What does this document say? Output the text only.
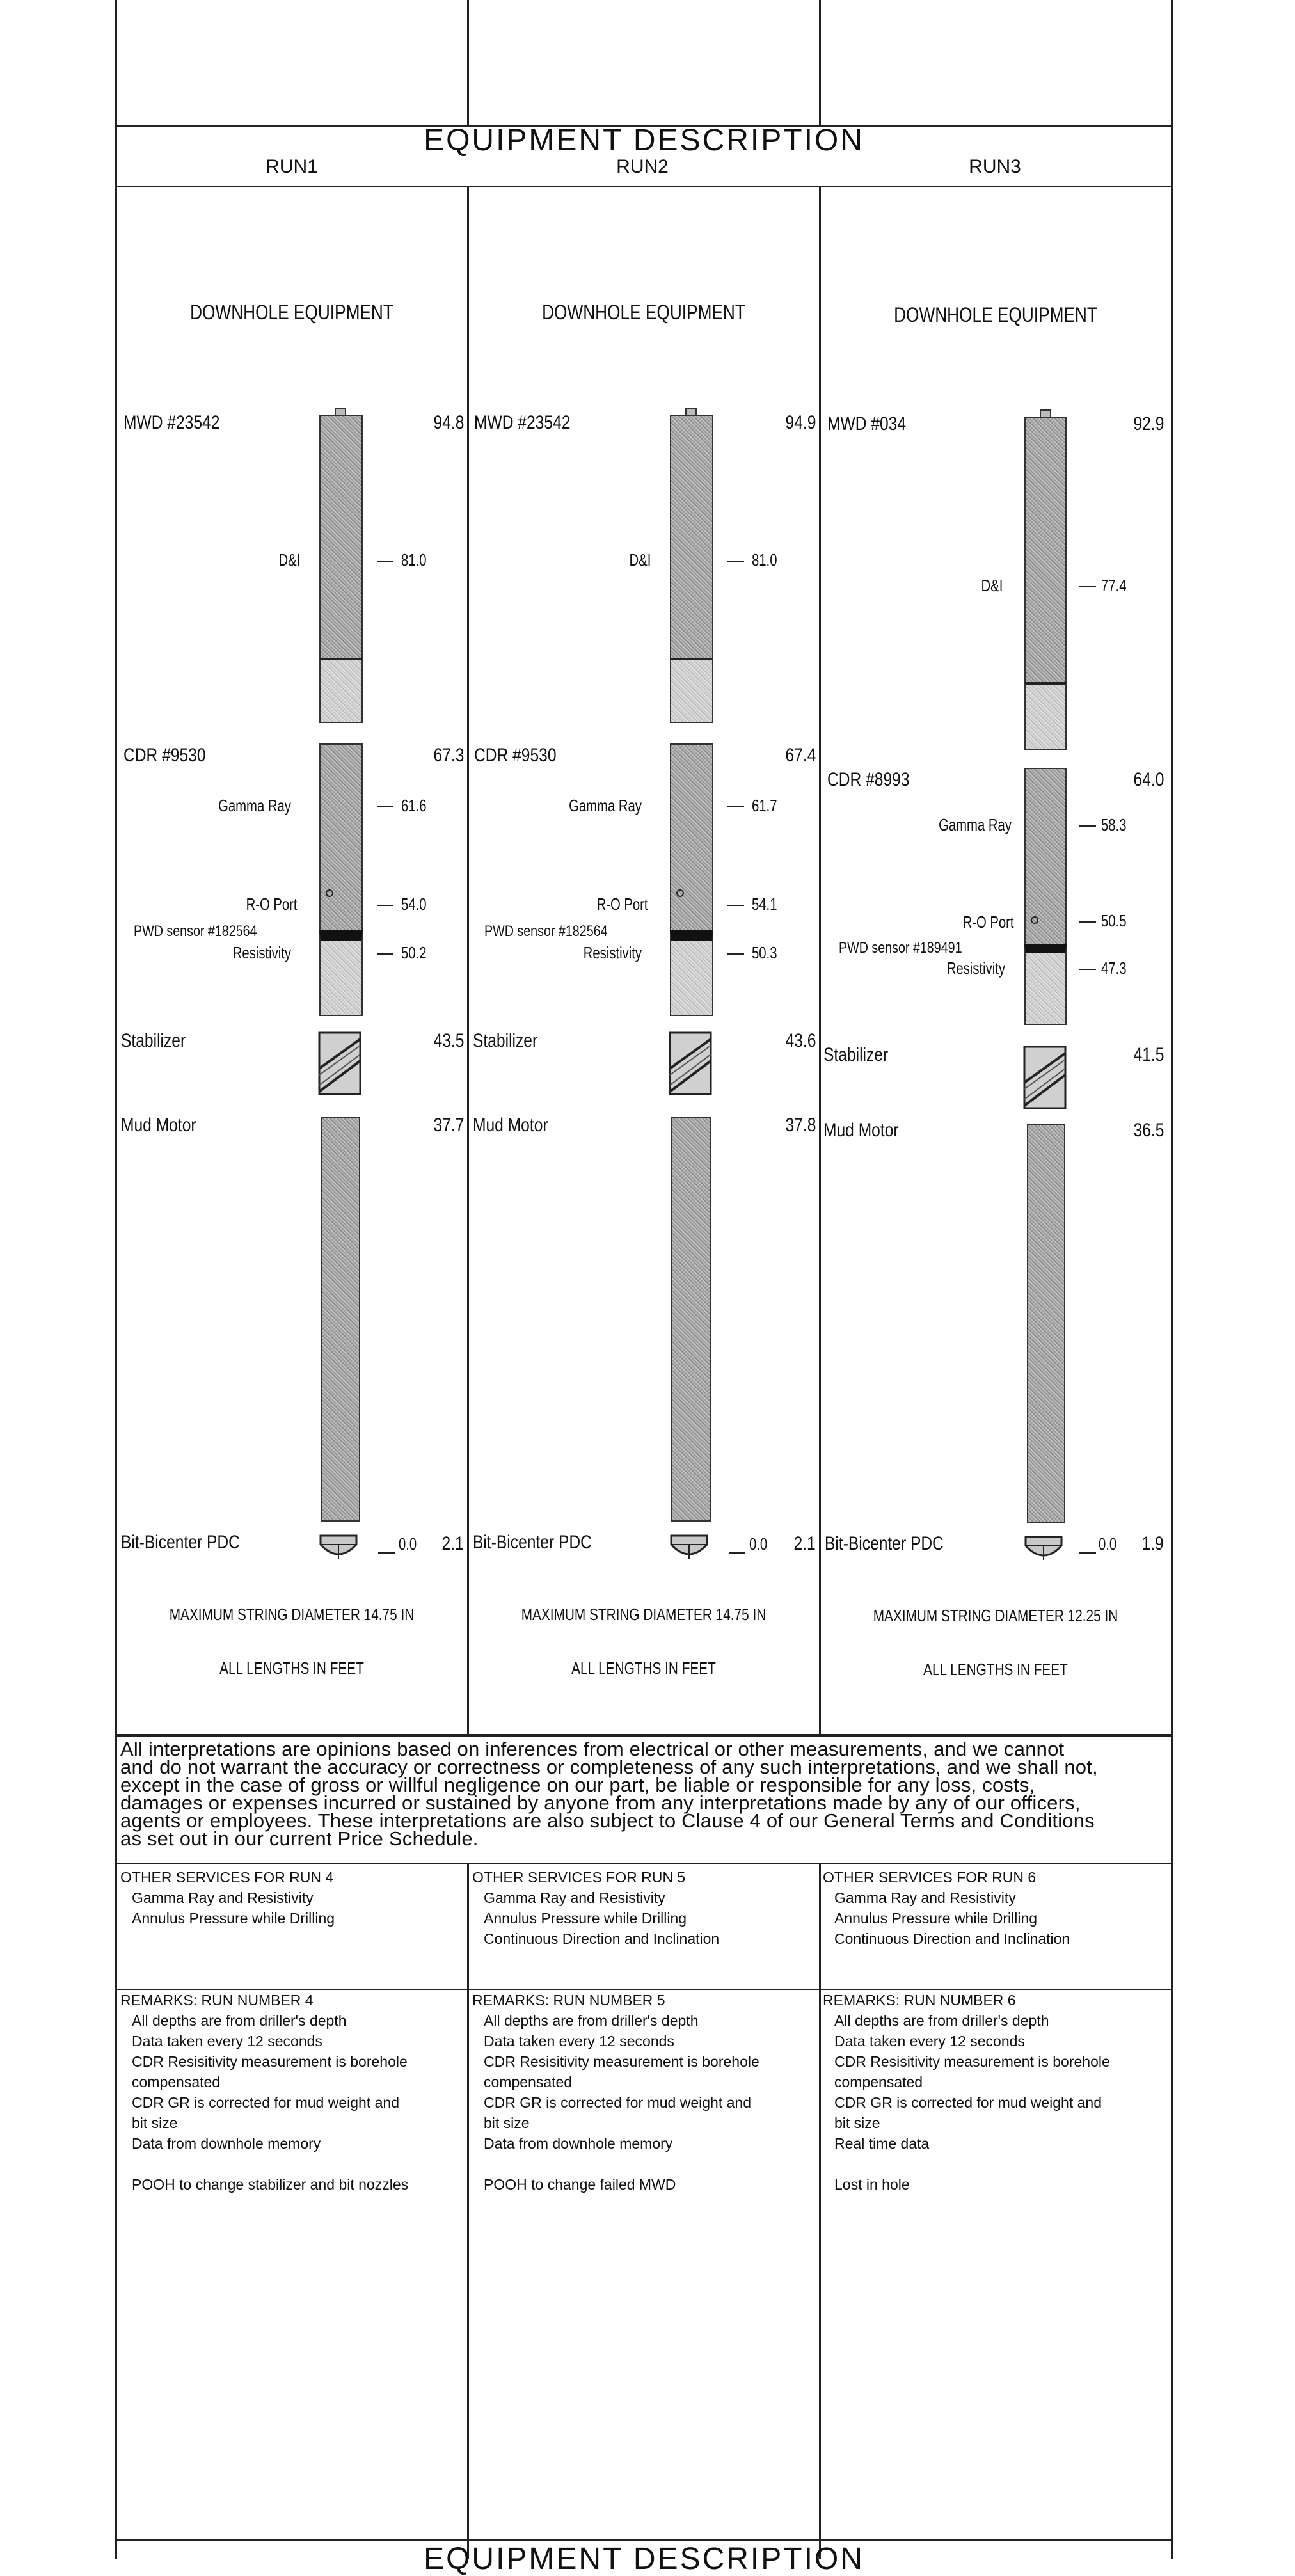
EQUIPMENT DESCRIPTION
RUN1	RUN2	RUN3
DOWNHOLE EQUIPMENT
MWD #23542	94.8
D&I	81.0
CDR #9530	67.3
Gamma Ray	61.6
R-O Port	54.0
PWD sensor #182564
Resistivity	50.2
Stabilizer	43.5
Mud Motor	37.7
Bit-Bicenter PDC	0.0 2.1
MAXIMUM STRING DIAMETER 14.75 IN
ALL LENGTHS IN FEET
DOWNHOLE EQUIPMENT
MWD #23542	94.9
D&I	81.0
CDR #9530	67.4
Gamma Ray	61.7
R-O Port	54.1
PWD sensor #182564
Resistivity	50.3
Stabilizer	43.6
Mud Motor	37.8
Bit-Bicenter PDC	0.0 2.1
MAXIMUM STRING DIAMETER 14.75 IN
ALL LENGTHS IN FEET
DOWNHOLE EQUIPMENT
MWD #034	92.9
D&I	77.4
CDR #8993	64.0
Gamma Ray	58.3
R-O Port	50.5
PWD sensor #189491
Resistivity	47.3
Stabilizer	41.5
Mud Motor	36.5
Bit-Bicenter PDC	0.0 1.9
MAXIMUM STRING DIAMETER 12.25 IN
ALL LENGTHS IN FEET
All interpretations are opinions based on inferences from electrical or other measurements, and we cannot
and do not warrant the accuracy or correctness or completeness of any such interpretations, and we shall not,
except in the case of gross or willful negligence on our part, be liable or responsible for any loss, costs,
damages or expenses incurred or sustained by anyone from any interpretations made by any of our officers,
agents or employees. These interpretations are also subject to Clause 4 of our General Terms and Conditions
as set out in our current Price Schedule.
OTHER SERVICES FOR RUN 4
Gamma Ray and Resistivity
Annulus Pressure while Drilling
OTHER SERVICES FOR RUN 5
Gamma Ray and Resistivity
Annulus Pressure while Drilling
Continuous Direction and Inclination
OTHER SERVICES FOR RUN 6
Gamma Ray and Resistivity
Annulus Pressure while Drilling
Continuous Direction and Inclination
REMARKS: RUN NUMBER 4
All depths are from driller's depth
Data taken every 12 seconds
CDR Resisitivity measurement is borehole
compensated
CDR GR is corrected for mud weight and
bit size
Data from downhole memory
POOH to change stabilizer and bit nozzles
REMARKS: RUN NUMBER 5
All depths are from driller's depth
Data taken every 12 seconds
CDR Resisitivity measurement is borehole
compensated
CDR GR is corrected for mud weight and
bit size
Data from downhole memory
POOH to change failed MWD
REMARKS: RUN NUMBER 6
All depths are from driller's depth
Data taken every 12 seconds
CDR Resisitivity measurement is borehole
compensated
CDR GR is corrected for mud weight and
bit size
Real time data
Lost in hole
EQUIPMENT DESCRIPTION
